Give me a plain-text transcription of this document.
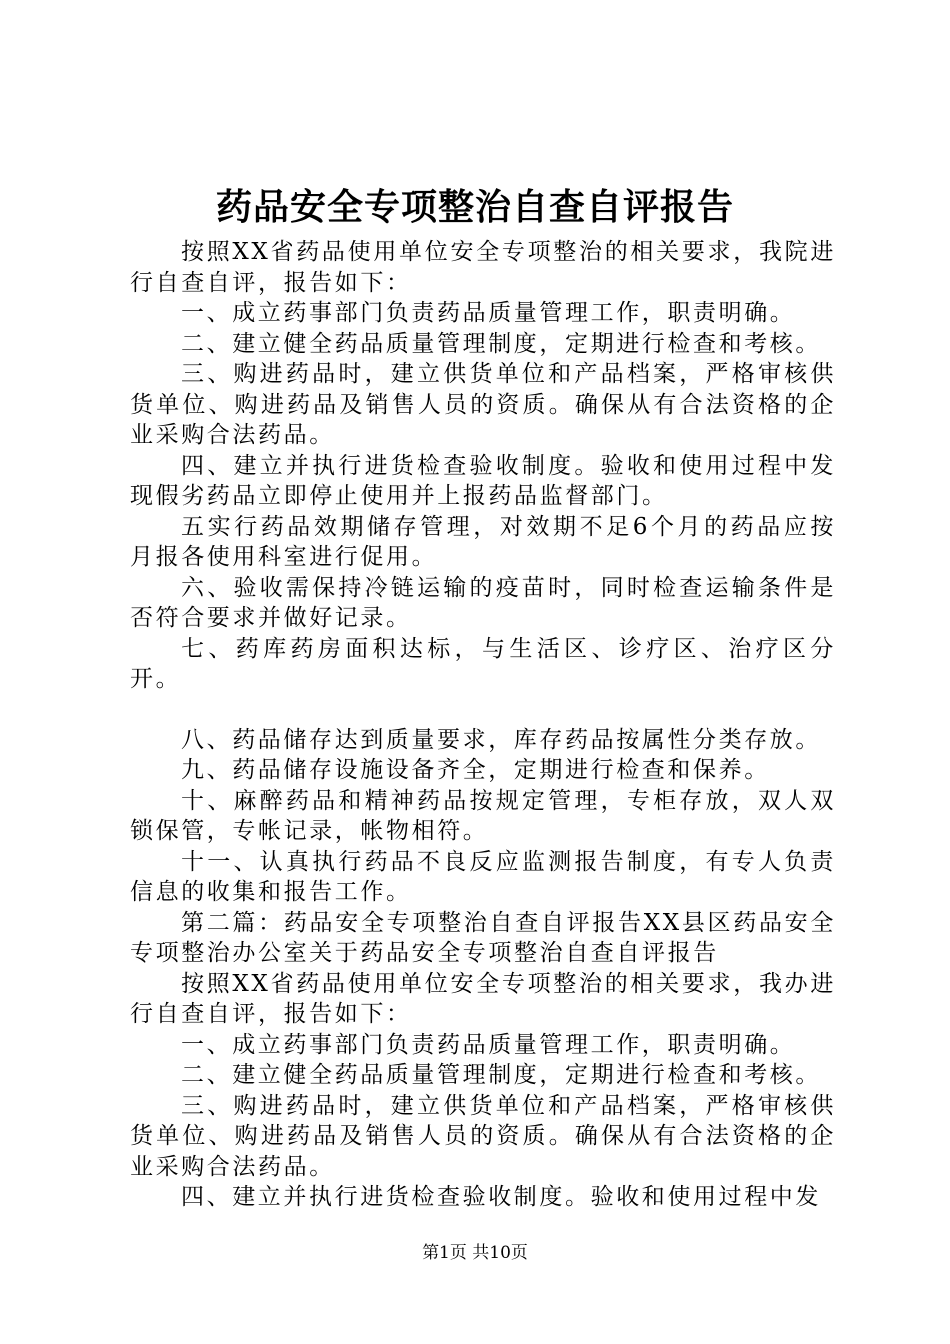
药品安全专项整治自查自评报告

按照XX省药品使用单位安全专项整治的相关要求，我院进行自查自评，报告如下：

一、成立药事部门负责药品质量管理工作，职责明确。

二、建立健全药品质量管理制度，定期进行检查和考核。

三、购进药品时，建立供货单位和产品档案，严格审核供货单位、购进药品及销售人员的资质。确保从有合法资格的企业采购合法药品。

四、建立并执行进货检查验收制度。验收和使用过程中发现假劣药品立即停止使用并上报药品监督部门。

五实行药品效期储存管理，对效期不足6个月的药品应按月报各使用科室进行促用。

六、验收需保持冷链运输的疫苗时，同时检查运输条件是否符合要求并做好记录。

七、药库药房面积达标，与生活区、诊疗区、治疗区分开。

八、药品储存达到质量要求，库存药品按属性分类存放。

九、药品储存设施设备齐全，定期进行检查和保养。

十、麻醉药品和精神药品按规定管理，专柜存放，双人双锁保管，专帐记录，帐物相符。

十一、认真执行药品不良反应监测报告制度，有专人负责信息的收集和报告工作。

第二篇：药品安全专项整治自查自评报告XX县区药品安全专项整治办公室关于药品安全专项整治自查自评报告

按照XX省药品使用单位安全专项整治的相关要求，我办进行自查自评，报告如下：

一、成立药事部门负责药品质量管理工作，职责明确。

二、建立健全药品质量管理制度，定期进行检查和考核。

三、购进药品时，建立供货单位和产品档案，严格审核供货单位、购进药品及销售人员的资质。确保从有合法资格的企业采购合法药品。

四、建立并执行进货检查验收制度。验收和使用过程中发

第1页 共10页
